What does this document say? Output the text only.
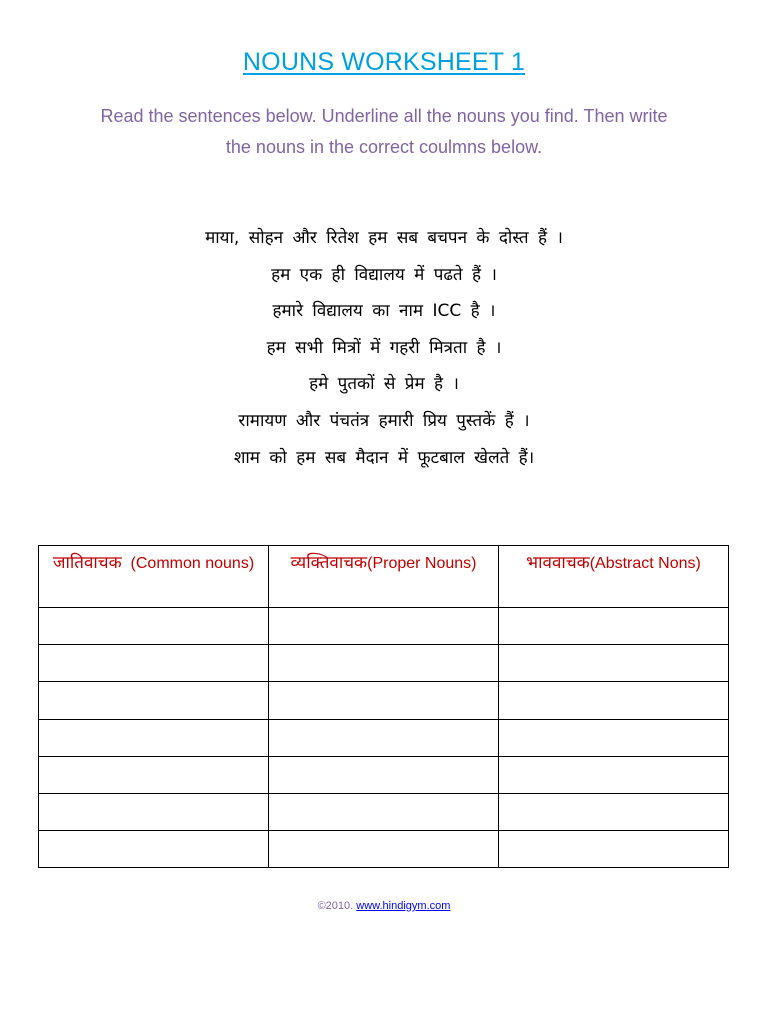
NOUNS WORKSHEET 1
Read the sentences below. Underline all the nouns you find. Then write
the nouns in the correct coulmns below.
माया, सोहन और रितेश हम सब बचपन के दोस्त हैं ।
हम एक ही विद्यालय में पढते हैं ।
हमारे विद्यालय का नाम ICC है ।
हम सभी मित्रों में गहरी मित्रता है ।
हमे पुतकों से प्रेम है ।
रामायण और पंचतंत्र हमारी प्रिय पुस्तकें हैं ।
शाम को हम सब मैदान में फूटबाल खेलते हैं।
जातिवाचक (Common nouns)	व्यक्तिवाचक(Proper Nouns)	भाववाचक(Abstract Nons)

©2010. www.hindigym.com
